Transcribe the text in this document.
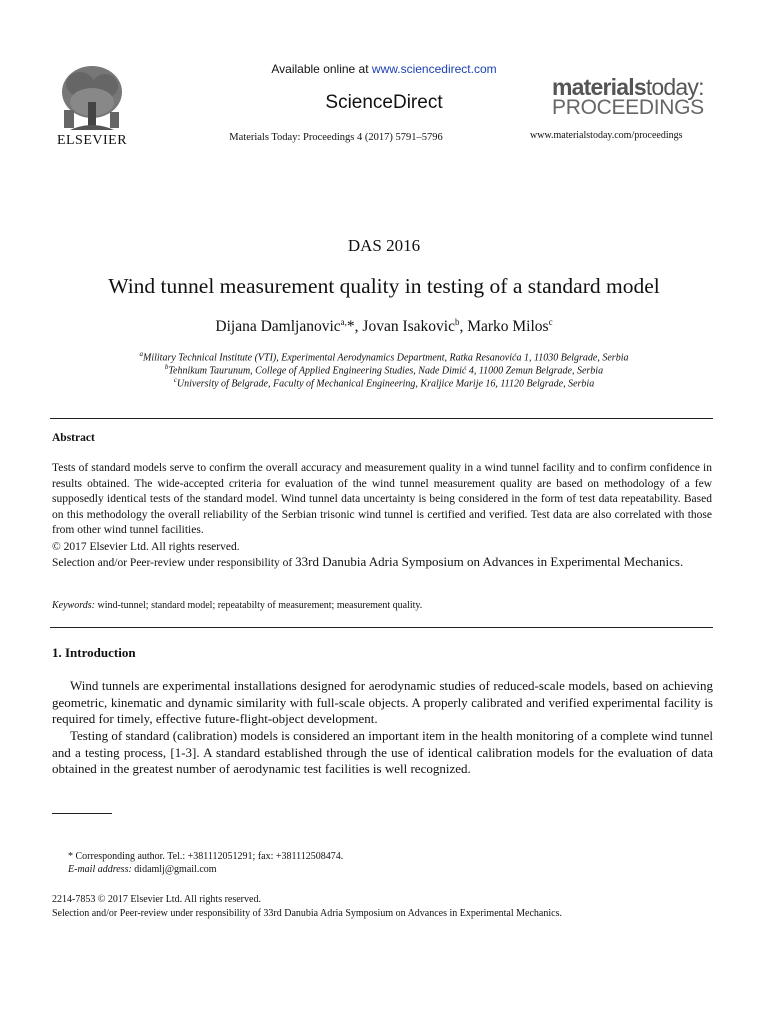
ELSEVIER
Available online at www.sciencedirect.com
ScienceDirect
Materials Today: Proceedings 4 (2017) 5791–5796
materialstoday:
PROCEEDINGS
www.materialstoday.com/proceedings
DAS 2016
Wind tunnel measurement quality in testing of a standard model
Dijana Damljanovic$^{a,}$*, Jovan Isakovic$^b$, Marko Milos$^c$
$^a$Military Technical Institute (VTI), Experimental Aerodynamics Department, Ratka Resanovića 1, 11030 Belgrade, Serbia
$^b$Tehnikum Taurunum, College of Applied Engineering Studies, Nade Dimić 4, 11000 Zemun Belgrade, Serbia
$^c$University of Belgrade, Faculty of Mechanical Engineering, Kraljice Marije 16, 11120 Belgrade, Serbia
Abstract
Tests of standard models serve to confirm the overall accuracy and measurement quality in a wind tunnel facility and to confirm confidence in results obtained. The wide-accepted criteria for evaluation of the wind tunnel measurement quality are based on methodology of a few supposedly identical tests of the standard model. Wind tunnel data uncertainty is being considered in the form of test data repeatability. Based on this methodology the overall reliability of the Serbian trisonic wind tunnel is certified and verified. Test data are also correlated with those from other wind tunnel facilities.
© 2017 Elsevier Ltd. All rights reserved.
Selection and/or Peer-review under responsibility of 33rd Danubia Adria Symposium on Advances in Experimental Mechanics.
Keywords: wind-tunnel; standard model; repeatabilty of measurement; measurement quality.
1. Introduction
Wind tunnels are experimental installations designed for aerodynamic studies of reduced-scale models, based on achieving geometric, kinematic and dynamic similarity with full-scale objects. A properly calibrated and verified experimental facility is required for timely, effective future-flight-object development.
Testing of standard (calibration) models is considered an important item in the health monitoring of a complete wind tunnel and a testing process, [1-3]. A standard established through the use of identical calibration models for the evaluation of data obtained in the greatest number of aerodynamic test facilities is well recognized.
* Corresponding author. Tel.: +381112051291; fax: +381112508474.
E-mail address: didamlj@gmail.com
2214-7853 © 2017 Elsevier Ltd. All rights reserved.
Selection and/or Peer-review under responsibility of 33rd Danubia Adria Symposium on Advances in Experimental Mechanics.
